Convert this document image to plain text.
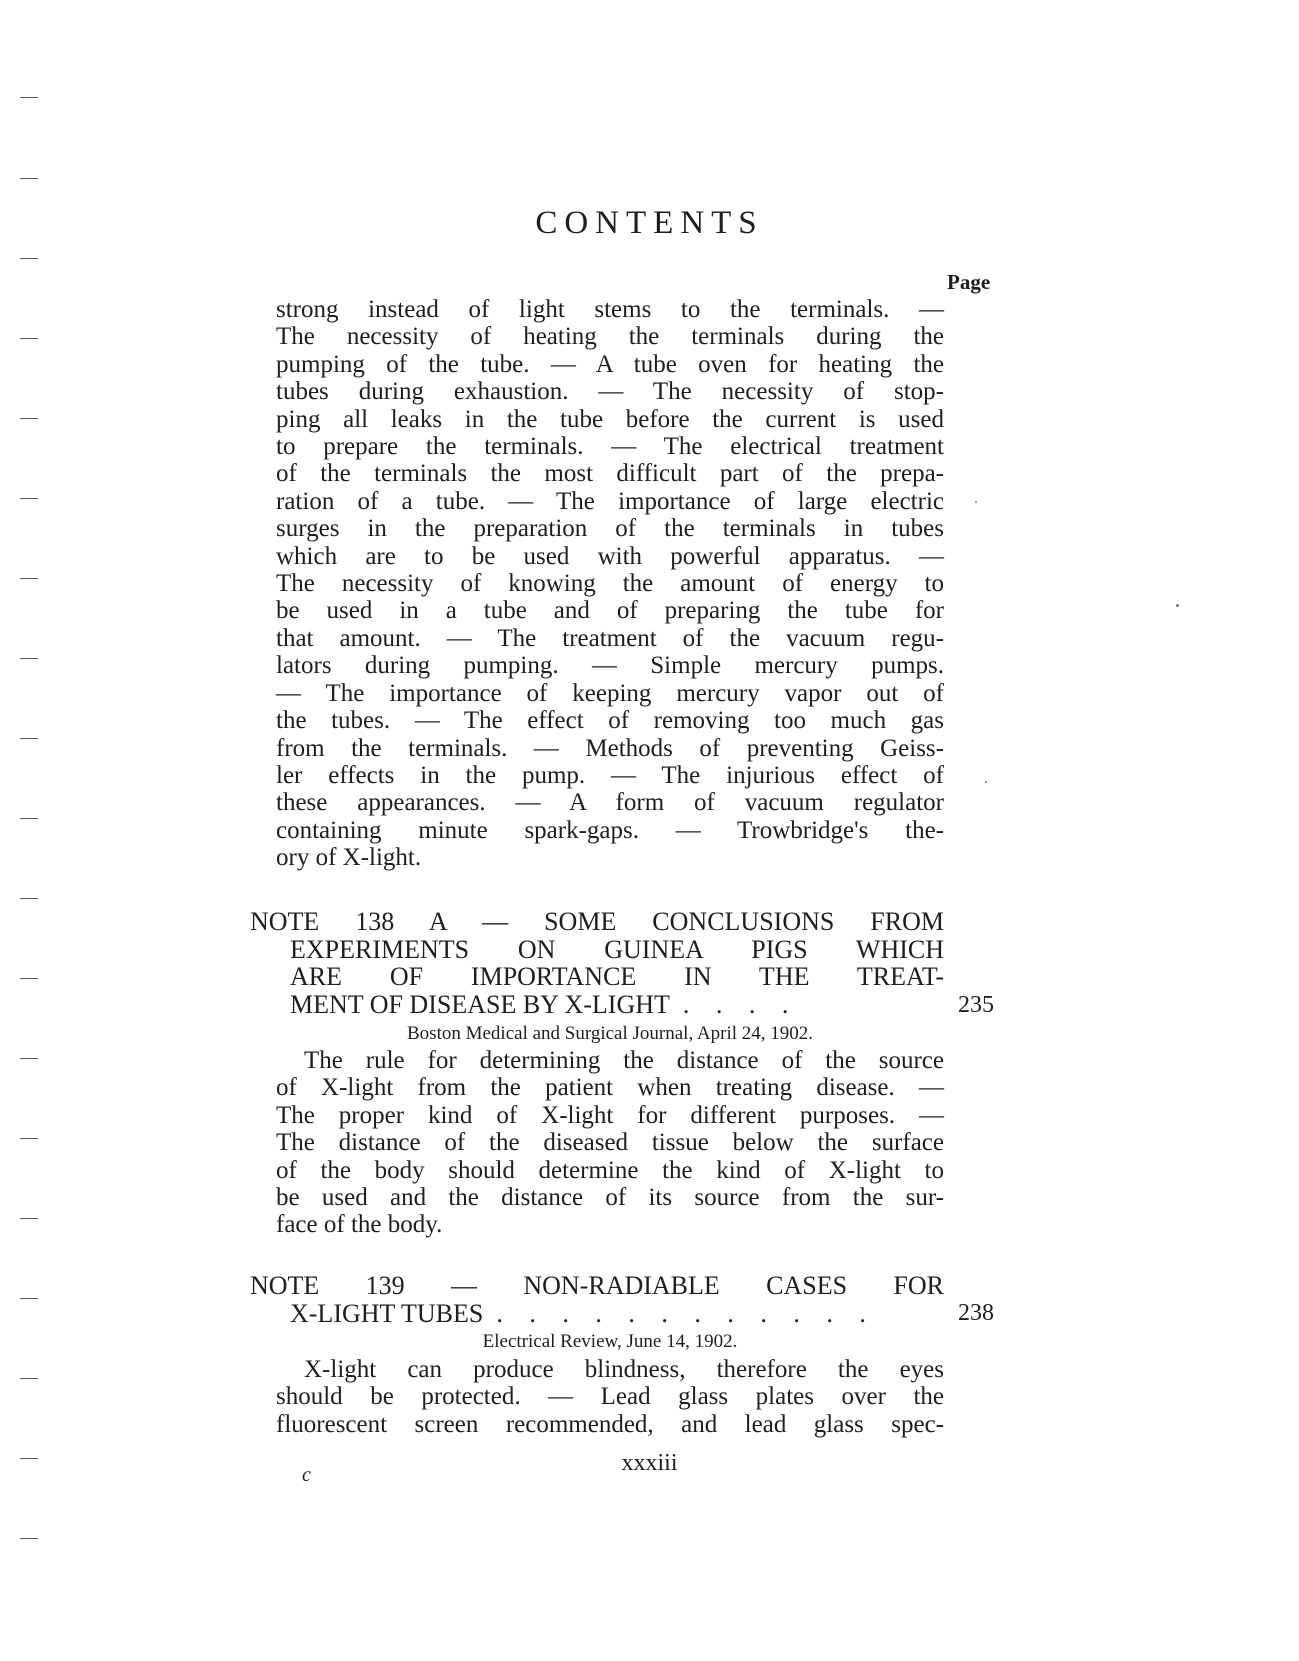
CONTENTS
Page

strong instead of light stems to the terminals. —
The necessity of heating the terminals during the
pumping of the tube. — A tube oven for heating the
tubes during exhaustion. — The necessity of stop-
ping all leaks in the tube before the current is used
to prepare the terminals. — The electrical treatment
of the terminals the most difficult part of the prepa-
ration of a tube. — The importance of large electric
surges in the preparation of the terminals in tubes
which are to be used with powerful apparatus. —
The necessity of knowing the amount of energy to
be used in a tube and of preparing the tube for
that amount. — The treatment of the vacuum regu-
lators during pumping. — Simple mercury pumps.
— The importance of keeping mercury vapor out of
the tubes. — The effect of removing too much gas
from the terminals. — Methods of preventing Geiss-
ler effects in the pump. — The injurious effect of
these appearances. — A form of vacuum regulator
containing minute spark-gaps. — Trowbridge's the-
ory of X-light.

NOTE 138 A — SOME CONCLUSIONS FROM
EXPERIMENTS ON GUINEA PIGS WHICH
ARE OF IMPORTANCE IN THE TREAT-
MENT OF DISEASE BY X-LIGHT . . . .	235
Boston Medical and Surgical Journal, April 24, 1902.

The rule for determining the distance of the source
of X-light from the patient when treating disease. —
The proper kind of X-light for different purposes. —
The distance of the diseased tissue below the surface
of the body should determine the kind of X-light to
be used and the distance of its source from the sur-
face of the body.

NOTE 139 — NON-RADIABLE CASES FOR
X-LIGHT TUBES . . . . . . . . . . . .	238
Electrical Review, June 14, 1902.

X-light can produce blindness, therefore the eyes
should be protected. — Lead glass plates over the
fluorescent screen recommended, and lead glass spec-

c	xxxiii
